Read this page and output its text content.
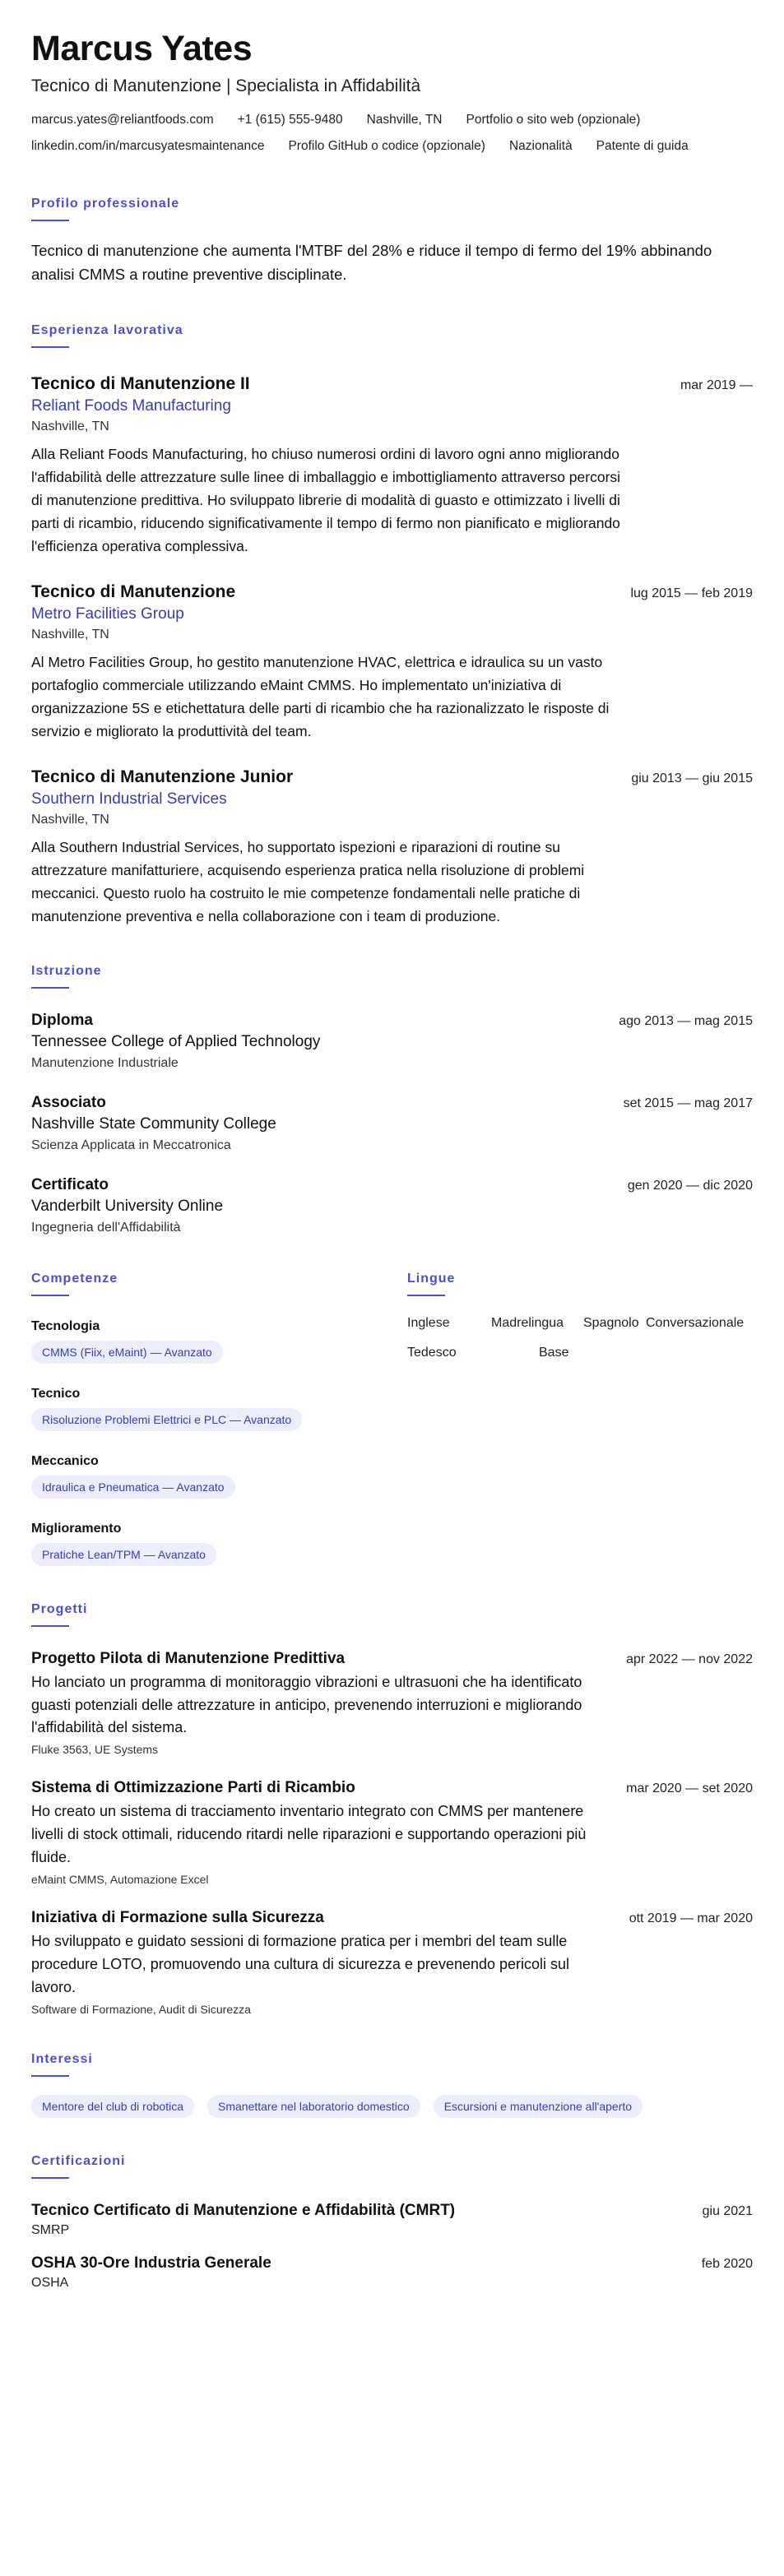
Marcus Yates
Tecnico di Manutenzione | Specialista in Affidabilità
marcus.yates@reliantfoods.com +1 (615) 555-9480 Nashville, TN Portfolio o sito web (opzionale)
linkedin.com/in/marcusyatesmaintenance Profilo GitHub o codice (opzionale) Nazionalità Patente di guida
Profilo professionale

Tecnico di manutenzione che aumenta l'MTBF del 28% e riduce il tempo di fermo del 19% abbinando analisi CMMS a routine preventive disciplinate.

Esperienza lavorativa
Tecnico di Manutenzione II	mar 2019 —
Reliant Foods Manufacturing
Nashville, TN

Alla Reliant Foods Manufacturing, ho chiuso numerosi ordini di lavoro ogni anno migliorando l'affidabilità delle attrezzature sulle linee di imballaggio e imbottigliamento attraverso percorsi di manutenzione predittiva. Ho sviluppato librerie di modalità di guasto e ottimizzato i livelli di parti di ricambio, riducendo significativamente il tempo di fermo non pianificato e migliorando l'efficienza operativa complessiva.

Tecnico di Manutenzione	lug 2015 — feb 2019
Metro Facilities Group
Nashville, TN

Al Metro Facilities Group, ho gestito manutenzione HVAC, elettrica e idraulica su un vasto portafoglio commerciale utilizzando eMaint CMMS. Ho implementato un'iniziativa di organizzazione 5S e etichettatura delle parti di ricambio che ha razionalizzato le risposte di servizio e migliorato la produttività del team.

Tecnico di Manutenzione Junior	giu 2013 — giu 2015
Southern Industrial Services
Nashville, TN

Alla Southern Industrial Services, ho supportato ispezioni e riparazioni di routine su attrezzature manifatturiere, acquisendo esperienza pratica nella risoluzione di problemi meccanici. Questo ruolo ha costruito le mie competenze fondamentali nelle pratiche di manutenzione preventiva e nella collaborazione con i team di produzione.

Istruzione
Diploma	ago 2013 — mag 2015
Tennessee College of Applied Technology
Manutenzione Industriale
Associato	set 2015 — mag 2017
Nashville State Community College
Scienza Applicata in Meccatronica
Certificato	gen 2020 — dic 2020
Vanderbilt University Online
Ingegneria dell'Affidabilità
Competenze
Tecnologia
CMMS (Fiix, eMaint) — Avanzato
Tecnico
Risoluzione Problemi Elettrici e PLC — Avanzato
Meccanico
Idraulica e Pneumatica — Avanzato
Miglioramento
Pratiche Lean/TPM — Avanzato
Lingue
Inglese	Madrelingua	Spagnolo Conversazionale
Tedesco	Base
Progetti
Progetto Pilota di Manutenzione Predittiva	apr 2022 — nov 2022

Ho lanciato un programma di monitoraggio vibrazioni e ultrasuoni che ha identificato guasti potenziali delle attrezzature in anticipo, prevenendo interruzioni e migliorando l'affidabilità del sistema.

Fluke 3563, UE Systems
Sistema di Ottimizzazione Parti di Ricambio	mar 2020 — set 2020

Ho creato un sistema di tracciamento inventario integrato con CMMS per mantenere livelli di stock ottimali, riducendo ritardi nelle riparazioni e supportando operazioni più fluide.

eMaint CMMS, Automazione Excel
Iniziativa di Formazione sulla Sicurezza	ott 2019 — mar 2020

Ho sviluppato e guidato sessioni di formazione pratica per i membri del team sulle procedure LOTO, promuovendo una cultura di sicurezza e prevenendo pericoli sul lavoro.

Software di Formazione, Audit di Sicurezza
Interessi
Mentore del club di robotica	Smanettare nel laboratorio domestico	Escursioni e manutenzione all'aperto
Certificazioni
Tecnico Certificato di Manutenzione e Affidabilità (CMRT)	giu 2021
SMRP
OSHA 30-Ore Industria Generale	feb 2020
OSHA
